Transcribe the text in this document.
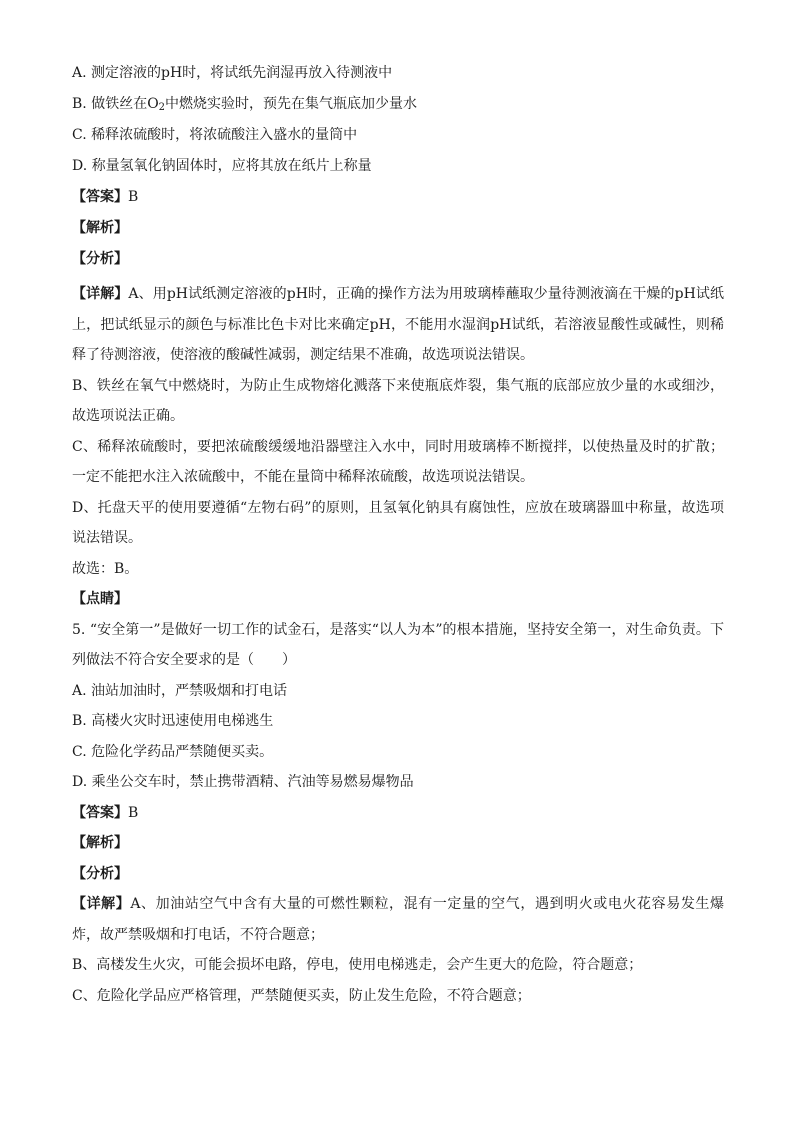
A. 测定溶液的pH时，将试纸先润湿再放入待测液中
B. 做铁丝在$O_2$中燃烧实验时，预先在集气瓶底加少量水
C. 稀释浓硫酸时，将浓硫酸注入盛水的量筒中
D. 称量氢氧化钠固体时，应将其放在纸片上称量
【答案】B
【解析】
【分析】
【详解】A、用pH试纸测定溶液的pH时，正确的操作方法为用玻璃棒蘸取少量待测液滴在干燥的pH试纸上，把试纸显示的颜色与标准比色卡对比来确定pH，不能用水湿润pH试纸，若溶液显酸性或碱性，则稀释了待测溶液，使溶液的酸碱性减弱，测定结果不准确，故选项说法错误。
B、铁丝在氧气中燃烧时，为防止生成物熔化溅落下来使瓶底炸裂，集气瓶的底部应放少量的水或细沙，故选项说法正确。
C、稀释浓硫酸时，要把浓硫酸缓缓地沿器壁注入水中，同时用玻璃棒不断搅拌，以使热量及时的扩散；一定不能把水注入浓硫酸中，不能在量筒中稀释浓硫酸，故选项说法错误。
D、托盘天平的使用要遵循“左物右码”的原则，且氢氧化钠具有腐蚀性，应放在玻璃器皿中称量，故选项说法错误。
故选：B。
【点睛】
5. “安全第一”是做好一切工作的试金石，是落实“以人为本”的根本措施，坚持安全第一，对生命负责。下列做法不符合安全要求的是（　　）
A. 油站加油时，严禁吸烟和打电话
B. 高楼火灾时迅速使用电梯逃生
C. 危险化学药品严禁随便买卖。
D. 乘坐公交车时，禁止携带酒精、汽油等易燃易爆物品
【答案】B
【解析】
【分析】
【详解】A、加油站空气中含有大量的可燃性颗粒，混有一定量的空气，遇到明火或电火花容易发生爆炸，故严禁吸烟和打电话，不符合题意；
B、高楼发生火灾，可能会损坏电路，停电，使用电梯逃走，会产生更大的危险，符合题意；
C、危险化学品应严格管理，严禁随便买卖，防止发生危险，不符合题意；
